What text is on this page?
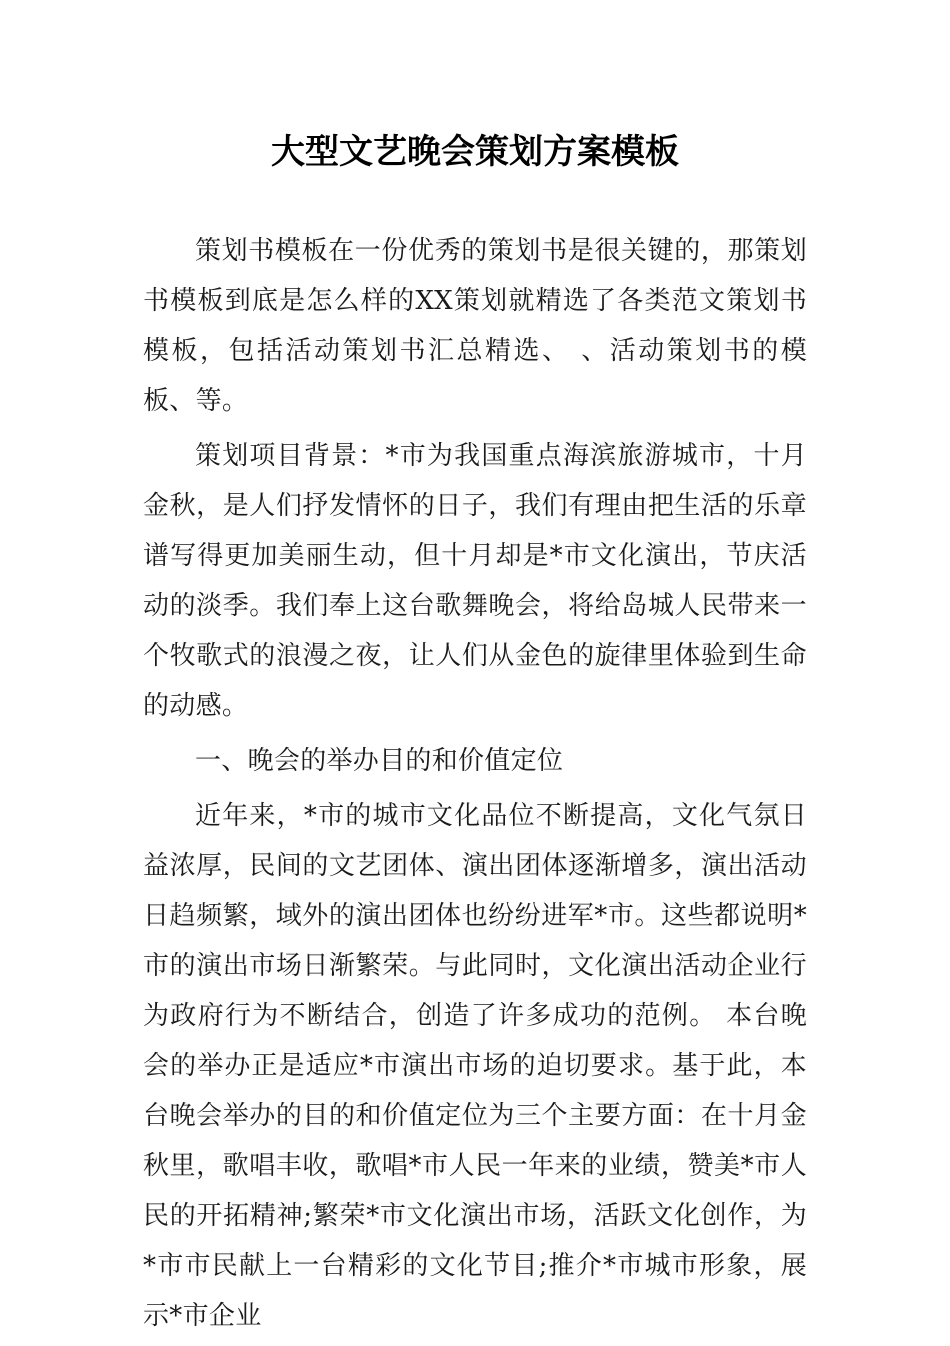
大型文艺晚会策划方案模板

策划书模板在一份优秀的策划书是很关键的，那策划书模板到底是怎么样的XX策划就精选了各类范文策划书模板，包括活动策划书汇总精选、 、活动策划书的模板、等。

策划项目背景：*市为我国重点海滨旅游城市，十月金秋，是人们抒发情怀的日子，我们有理由把生活的乐章谱写得更加美丽生动，但十月却是*市文化演出，节庆活动的淡季。我们奉上这台歌舞晚会，将给岛城人民带来一个牧歌式的浪漫之夜，让人们从金色的旋律里体验到生命的动感。

一、晚会的举办目的和价值定位

近年来，*市的城市文化品位不断提高，文化气氛日益浓厚，民间的文艺团体、演出团体逐渐增多，演出活动日趋频繁，域外的演出团体也纷纷进军*市。这些都说明*市的演出市场日渐繁荣。与此同时，文化演出活动企业行为政府行为不断结合，创造了许多成功的范例。 本台晚会的举办正是适应*市演出市场的迫切要求。基于此，本台晚会举办的目的和价值定位为三个主要方面：在十月金秋里，歌唱丰收，歌唱*市人民一年来的业绩，赞美*市人民的开拓精神;繁荣*市文化演出市场，活跃文化创作，为*市市民献上一台精彩的文化节目;推介*市城市形象，展示*市企业
